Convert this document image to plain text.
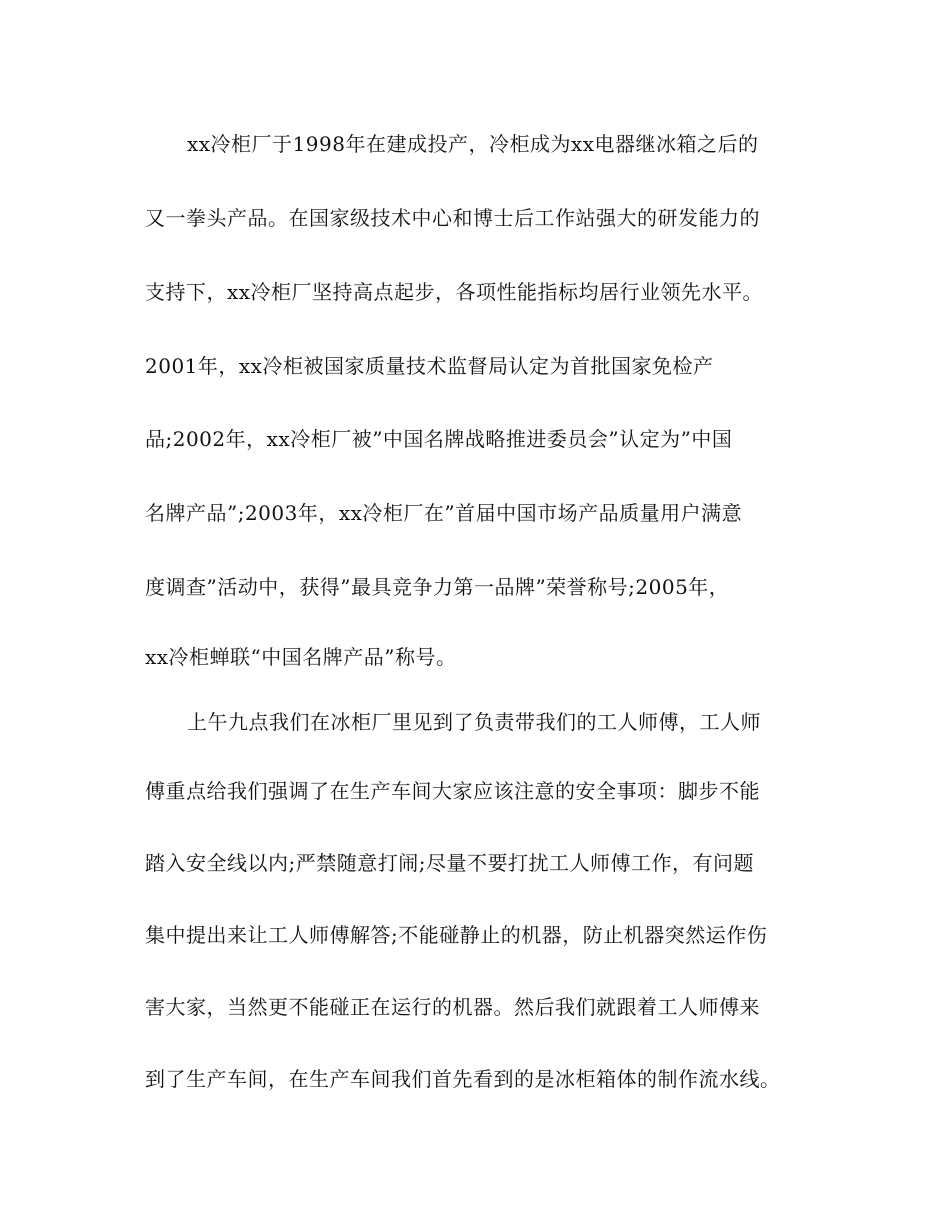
xx冷柜厂于1998年在建成投产，冷柜成为xx电器继冰箱之后的
又一拳头产品。在国家级技术中心和博士后工作站强大的研发能力的
支持下，xx冷柜厂坚持高点起步，各项性能指标均居行业领先水平。
2001年，xx冷柜被国家质量技术监督局认定为首批国家免检产
品;2002年，xx冷柜厂被”中国名牌战略推进委员会”认定为”中国
名牌产品”;2003年，xx冷柜厂在”首届中国市场产品质量用户满意
度调查”活动中，获得”最具竞争力第一品牌”荣誉称号;2005年，
xx冷柜蝉联“中国名牌产品”称号。
上午九点我们在冰柜厂里见到了负责带我们的工人师傅，工人师
傅重点给我们强调了在生产车间大家应该注意的安全事项：脚步不能
踏入安全线以内;严禁随意打闹;尽量不要打扰工人师傅工作，有问题
集中提出来让工人师傅解答;不能碰静止的机器，防止机器突然运作伤
害大家，当然更不能碰正在运行的机器。然后我们就跟着工人师傅来
到了生产车间，在生产车间我们首先看到的是冰柜箱体的制作流水线。
